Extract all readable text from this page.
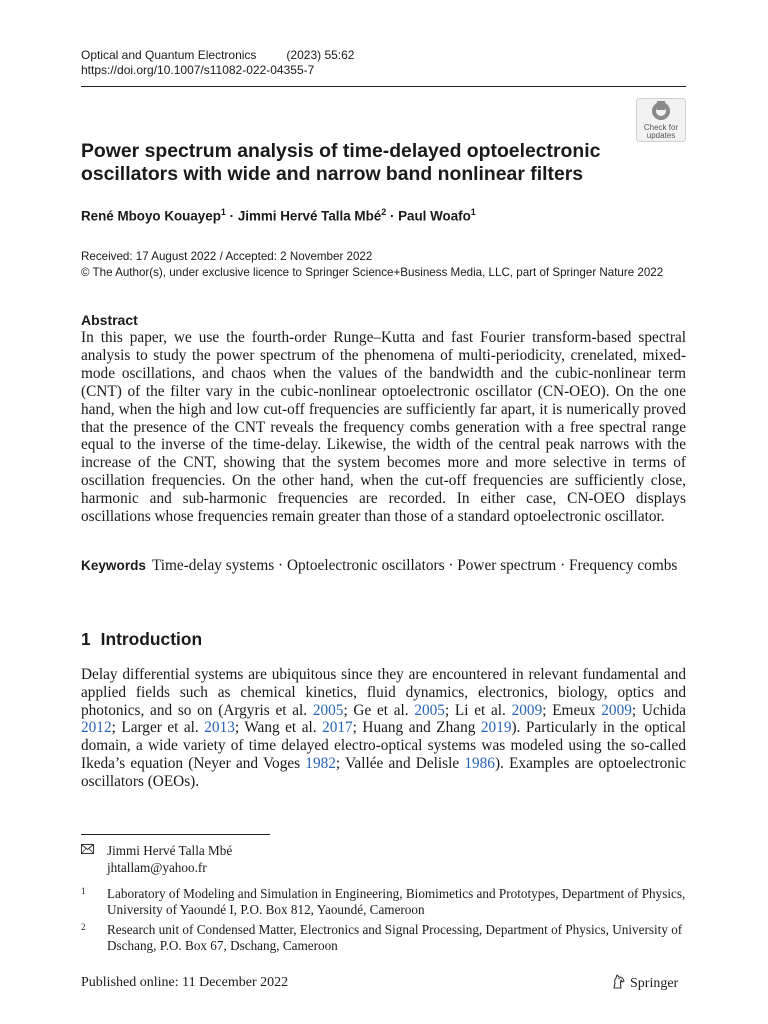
Optical and Quantum Electronics	(2023) 55:62
https://doi.org/10.1007/s11082-022-04355-7
Check for
updates
Power spectrum analysis of time-delayed optoelectronic oscillators with wide and narrow band nonlinear filters
René Mboyo Kouayep$^1$ · Jimmi Hervé Talla Mbé$^2$ · Paul Woafo$^1$
Received: 17 August 2022 / Accepted: 2 November 2022
© The Author(s), under exclusive licence to Springer Science+Business Media, LLC, part of Springer Nature 2022
Abstract
In this paper, we use the fourth-order Runge–Kutta and fast Fourier transform-based spectral analysis to study the power spectrum of the phenomena of multi-periodicity, crenelated, mixed-mode oscillations, and chaos when the values of the bandwidth and the cubic-nonlinear term (CNT) of the filter vary in the cubic-nonlinear optoelectronic oscillator (CN-OEO). On the one hand, when the high and low cut-off frequencies are sufficiently far apart, it is numerically proved that the presence of the CNT reveals the frequency combs generation with a free spectral range equal to the inverse of the time-delay. Likewise, the width of the central peak narrows with the increase of the CNT, showing that the system becomes more and more selective in terms of oscillation frequencies. On the other hand, when the cut-off frequencies are sufficiently close, harmonic and sub-harmonic frequencies are recorded. In either case, CN-OEO displays oscillations whose frequencies remain greater than those of a standard optoelectronic oscillator.
Keywords Time-delay systems · Optoelectronic oscillators · Power spectrum · Frequency combs
1 Introduction
Delay differential systems are ubiquitous since they are encountered in relevant fundamental and applied fields such as chemical kinetics, fluid dynamics, electronics, biology, optics and photonics, and so on (Argyris et al. 2005; Ge et al. 2005; Li et al. 2009; Emeux 2009; Uchida 2012; Larger et al. 2013; Wang et al. 2017; Huang and Zhang 2019). Particularly in the optical domain, a wide variety of time delayed electro-optical systems was modeled using the so-called Ikeda’s equation (Neyer and Voges 1982; Vallée and Delisle 1986). Examples are optoelectronic oscillators (OEOs).
Jimmi Hervé Talla Mbé
jhtallam@yahoo.fr
1 Laboratory of Modeling and Simulation in Engineering, Biomimetics and Prototypes, Department of Physics, University of Yaoundé I, P.O. Box 812, Yaoundé, Cameroon
2 Research unit of Condensed Matter, Electronics and Signal Processing, Department of Physics, University of Dschang, P.O. Box 67, Dschang, Cameroon
Published online: 11 December 2022	Springer
